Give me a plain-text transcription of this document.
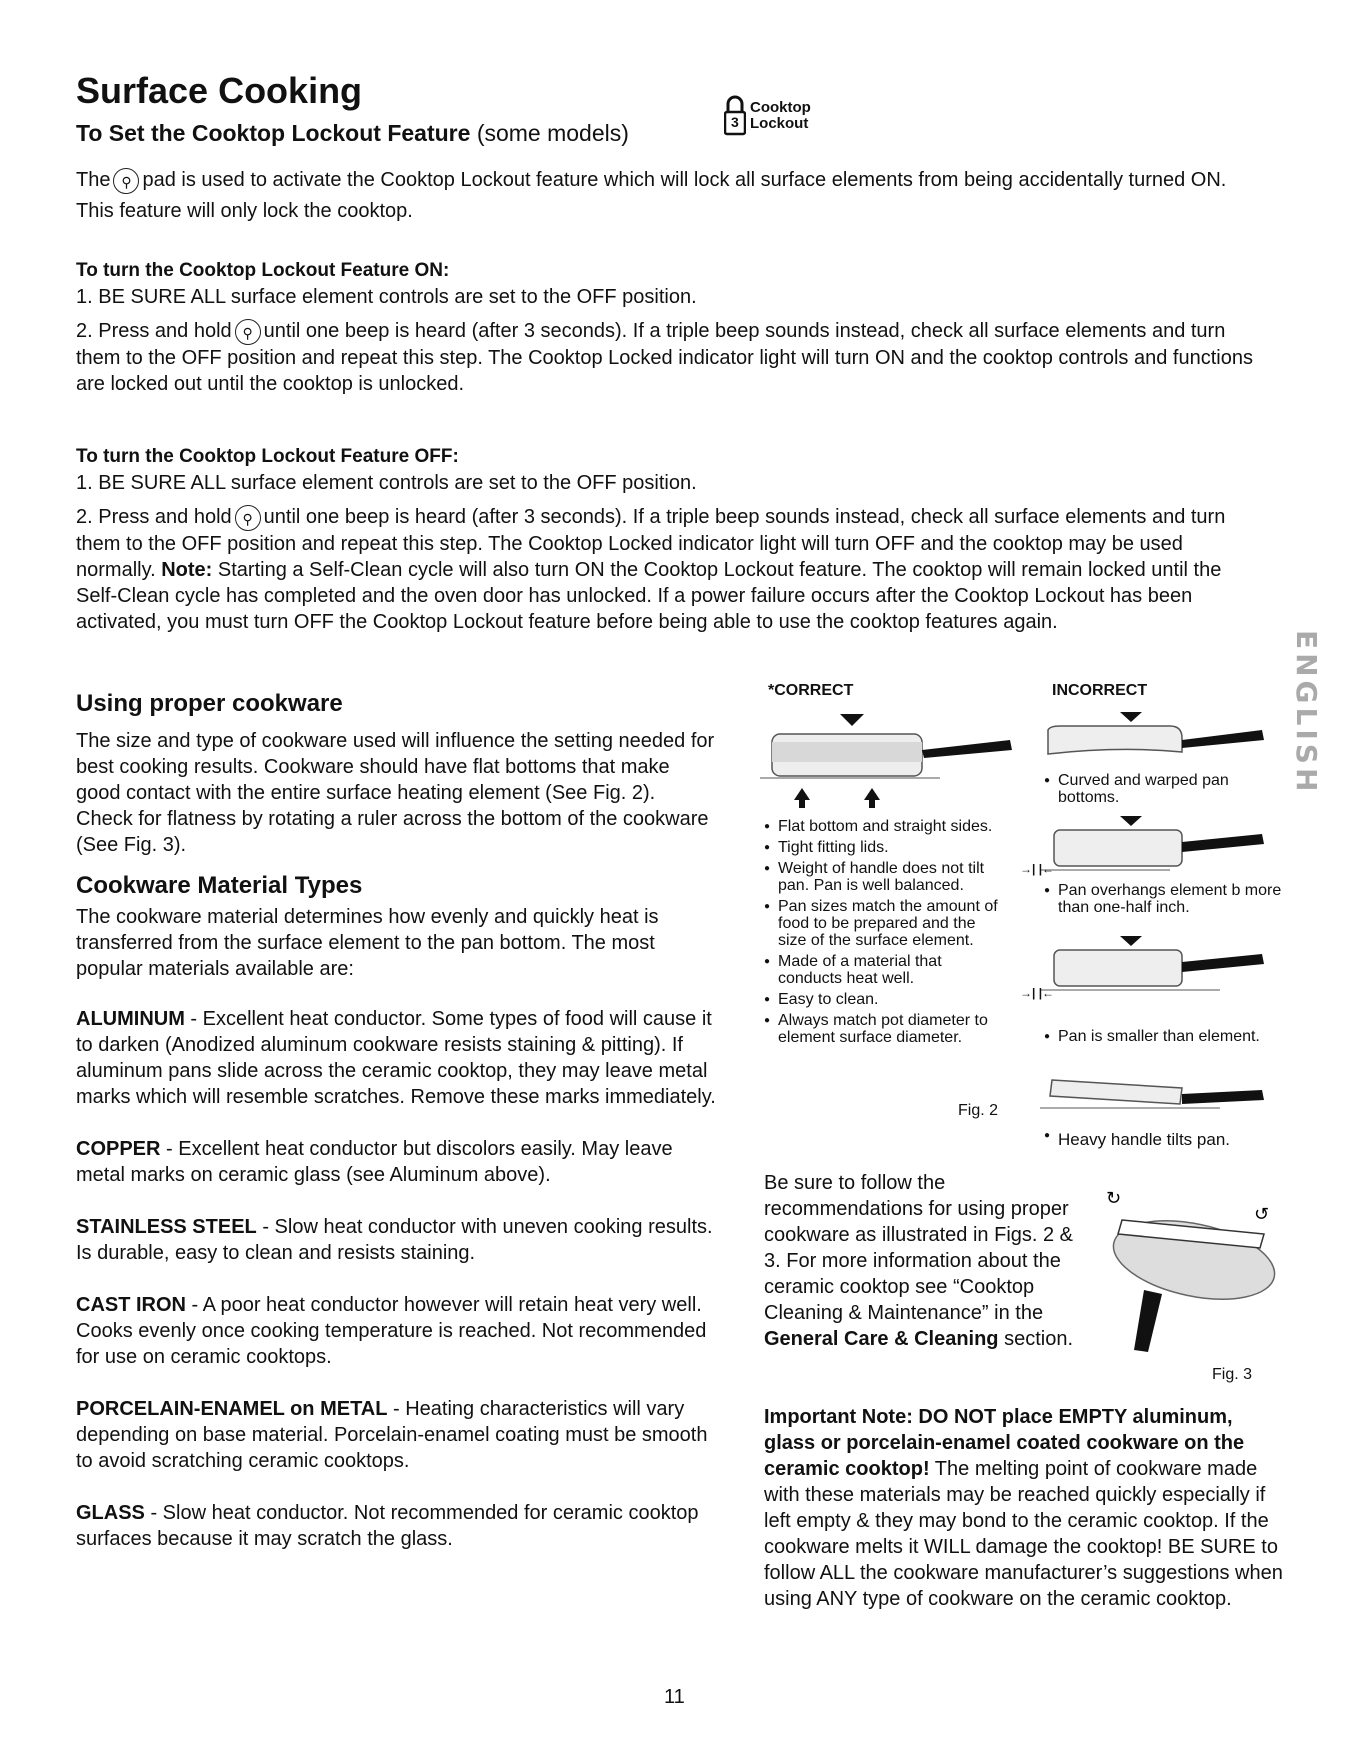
Surface Cooking
To Set the Cooktop Lockout Feature (some models)	3
Cooktop
Lockout

The ⚲ pad is used to activate the Cooktop Lockout feature which will lock all surface elements from being accidentally turned ON. This feature will only lock the cooktop.

To turn the Cooktop Lockout Feature ON:

1. BE SURE ALL surface element controls are set to the OFF position.

2. Press and hold ⚲ until one beep is heard (after 3 seconds). If a triple beep sounds instead, check all surface elements and turn them to the OFF position and repeat this step. The Cooktop Locked indicator light will turn ON and the cooktop controls and functions are locked out until the cooktop is unlocked.

To turn the Cooktop Lockout Feature OFF:

1. BE SURE ALL surface element controls are set to the OFF position.

2. Press and hold ⚲ until one beep is heard (after 3 seconds). If a triple beep sounds instead, check all surface elements and turn them to the OFF position and repeat this step. The Cooktop Locked indicator light will turn OFF and the cooktop may be used normally. Note: Starting a Self-Clean cycle will also turn ON the Cooktop Lockout feature. The cooktop will remain locked until the Self-Clean cycle has completed and the oven door has unlocked. If a power failure occurs after the Cooktop Lockout has been activated, you must turn OFF the Cooktop Lockout feature before being able to use the cooktop features again.

Using proper cookware

The size and type of cookware used will influence the setting needed for best cooking results. Cookware should have flat bottoms that make good contact with the entire surface heating element (See Fig. 2). Check for flatness by rotating a ruler across the bottom of the cookware (See Fig. 3).

Cookware Material Types

The cookware material determines how evenly and quickly heat is transferred from the surface element to the pan bottom. The most popular materials available are:

ALUMINUM - Excellent heat conductor. Some types of food will cause it to darken (Anodized aluminum cookware resists staining & pitting). If aluminum pans slide across the ceramic cooktop, they may leave metal marks which will resemble scratches. Remove these marks immediately.

COPPER - Excellent heat conductor but discolors easily. May leave metal marks on ceramic glass (see Aluminum above).

STAINLESS STEEL - Slow heat conductor with uneven cooking results. Is durable, easy to clean and resists staining.

CAST IRON - A poor heat conductor however will retain heat very well. Cooks evenly once cooking temperature is reached. Not recommended for use on ceramic cooktops.

PORCELAIN-ENAMEL on METAL - Heating characteristics will vary depending on base material. Porcelain-enamel coating must be smooth to avoid scratching ceramic cooktops.

GLASS - Slow heat conductor. Not recommended for ceramic cooktop surfaces because it may scratch the glass.

*CORRECT	INCORRECT
● Flat bottom and straight sides.
● Tight fitting lids.
● Weight of handle does not tilt pan. Pan is well balanced.
● Pan sizes match the amount of food to be prepared and the size of the surface element.
● Made of a material that conducts heat well.
● Easy to clean.
● Always match pot diameter to element surface diameter.
Fig. 2
● Curved and warped pan bottoms.
→| |←
● Pan overhangs element b more than one-half inch.
→| |←
● Pan is smaller than element.
● Heavy handle tilts pan.

Be sure to follow the recommendations for using proper cookware as illustrated in Figs. 2 & 3. For more information about the ceramic cooktop see “Cooktop Cleaning & Maintenance” in the General Care & Cleaning section.

↻
↺
Fig. 3

Important Note: DO NOT place EMPTY aluminum, glass or porcelain-enamel coated cookware on the ceramic cooktop! The melting point of cookware made with these materials may be reached quickly especially if left empty & they may bond to the ceramic cooktop. If the cookware melts it WILL damage the cooktop! BE SURE to follow ALL the cookware manufacturer’s suggestions when using ANY type of cookware on the ceramic cooktop.

ENGLISH
11
